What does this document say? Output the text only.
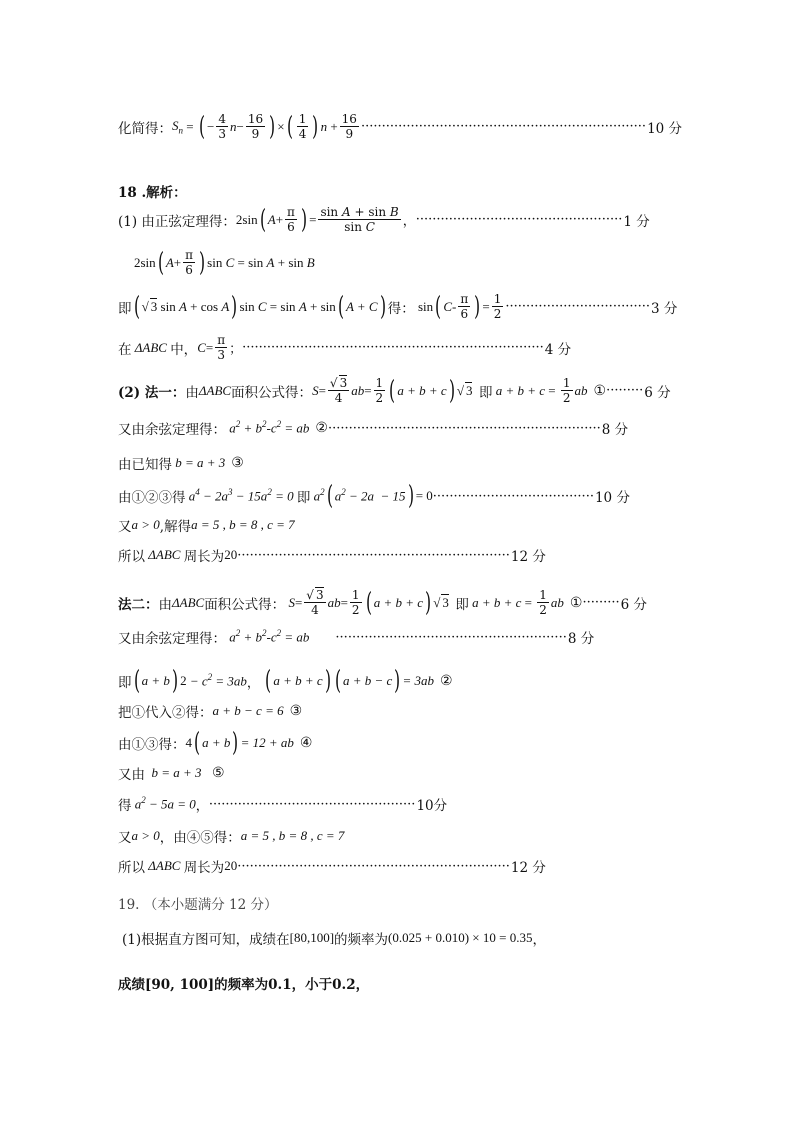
化简得： $S_n$ = ( − $\frac{4}{3}$ $n - \frac{16}{9}$ ) × ( $\frac{1}{4}$ ) $n + \frac{16}{9}$ ····································································· 10 分
18 .解析：
(1) 由正弦定理得： 2sin ( $A + \frac{\pi}{6}$ ) = $\frac{\text{sin A + sin B}}{\text{sin C}}$ ， ·················································· 1 分
2sin ( $A + \frac{\pi}{6}$ ) sin C = sin A + sin B
即 ( √ 3 sin A + cos A ) sin C = sin A + sin ( A + C ) 得： sin ( C - $\frac{\pi}{6}$ ) = $\frac{1}{2}$ ··································· 3 分
在 ΔABC 中， $C = \frac{\pi}{3}$ ； ········································································· 4 分
(2) 法一： 由 ΔABC 面积公式得： $S = \frac{√ 3}{4}$ ab = $\frac{1}{2}$ ( a + b + c ) √ 3 即 $a + b + c = \frac{1}{2}$ ab ① ········· 6 分
又由余弦定理得： $a^2 + b^2-c^2$ = ab ② ·································································· 8 分
由已知得 b = a + 3 ③
由①②③得 $a^4 - 2a^3 - 15a^2 = 0$ 即 $a^2$ ( $a^2 - 2a - 15$ ) = 0 ······································· 10 分
又 a > 0 ,解得 a = 5 , b = 8 , c = 7
所以 ΔABC 周长为 20 ·································································· 12 分
法二： 由 ΔABC 面积公式得： $S = \frac{√ 3}{4}$ ab = $\frac{1}{2}$ ( a + b + c ) √ 3 即 $a + b + c = \frac{1}{2}$ ab ① ········· 6 分
又由余弦定理得： $a^2 + b^2-c^2$ = ab ························································ 8 分
即 ( a + b ) $2 - c^2 = 3ab$ ， ( a + b + c ) ( a + b − c ) = 3ab ②
把①代入②得： a + b − c = 6 ③
由①③得： 4 ( a + b ) = 12 + ab ④
又由 b = a + 3 ⑤
得 $a^2 - 5a = 0$ ， ·················································· 10分
又 a > 0 ，由④⑤得： a = 5 , b = 8 , c = 7
所以 ΔABC 周长为 20 ·································································· 12 分
19. （本小题满分 12 分）
(1)根据直方图可知，成绩在 [80,100] 的频率为 (0.025 + 0.010) × 10 = 0.35 ，
成绩[90, 100]的频率为0.1，小于0.2，
